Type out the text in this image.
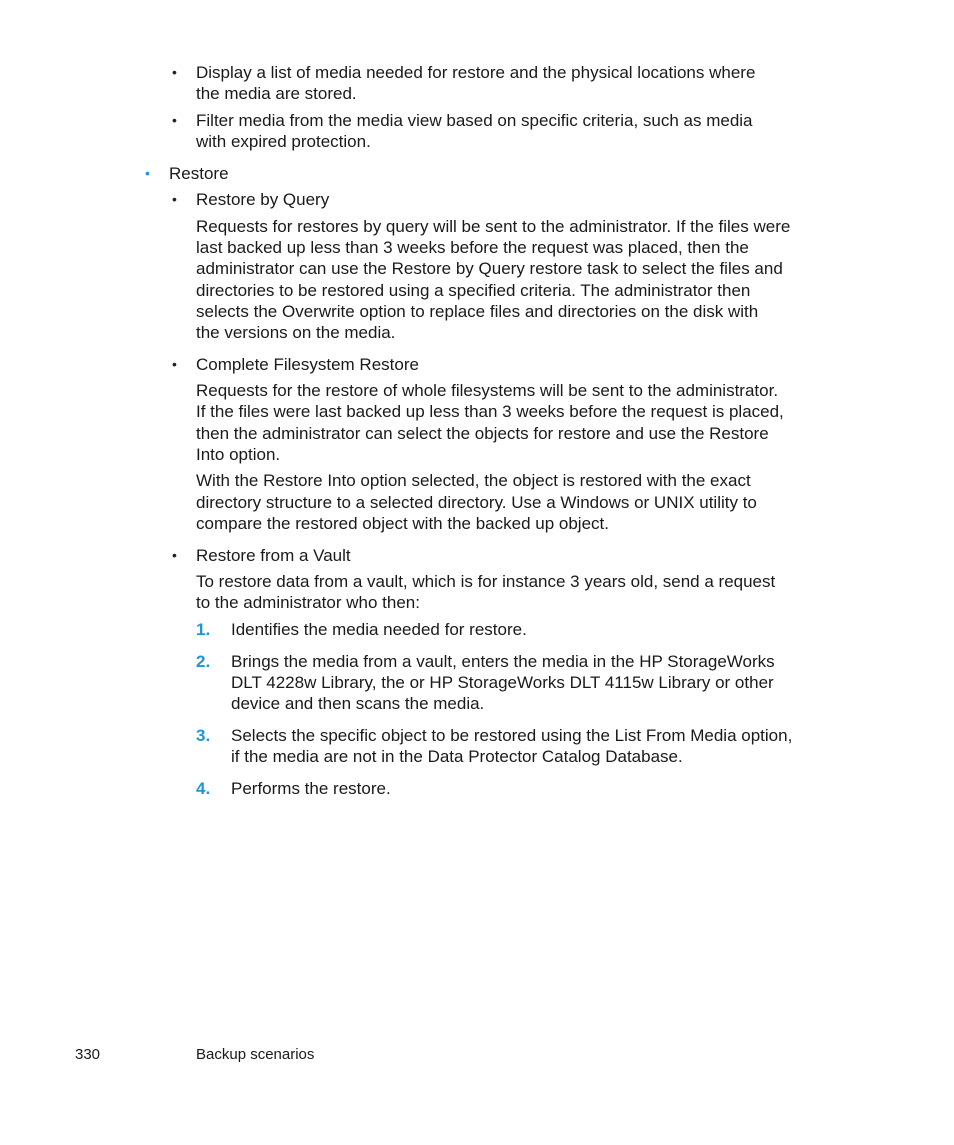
• Display a list of media needed for restore and the physical locations where
the media are stored.
• Filter media from the media view based on specific criteria, such as media
with expired protection.
• Restore
• Restore by Query
Requests for restores by query will be sent to the administrator. If the files were
last backed up less than 3 weeks before the request was placed, then the
administrator can use the Restore by Query restore task to select the files and
directories to be restored using a specified criteria. The administrator then
selects the Overwrite option to replace files and directories on the disk with
the versions on the media.
• Complete Filesystem Restore
Requests for the restore of whole filesystems will be sent to the administrator.
If the files were last backed up less than 3 weeks before the request is placed,
then the administrator can select the objects for restore and use the Restore
Into option.
With the Restore Into option selected, the object is restored with the exact
directory structure to a selected directory. Use a Windows or UNIX utility to
compare the restored object with the backed up object.
• Restore from a Vault
To restore data from a vault, which is for instance 3 years old, send a request
to the administrator who then:
1. Identifies the media needed for restore.
2. Brings the media from a vault, enters the media in the HP StorageWorks
DLT 4228w Library, the or HP StorageWorks DLT 4115w Library or other
device and then scans the media.
3. Selects the specific object to be restored using the List From Media option,
if the media are not in the Data Protector Catalog Database.
4. Performs the restore.
330	Backup scenarios
